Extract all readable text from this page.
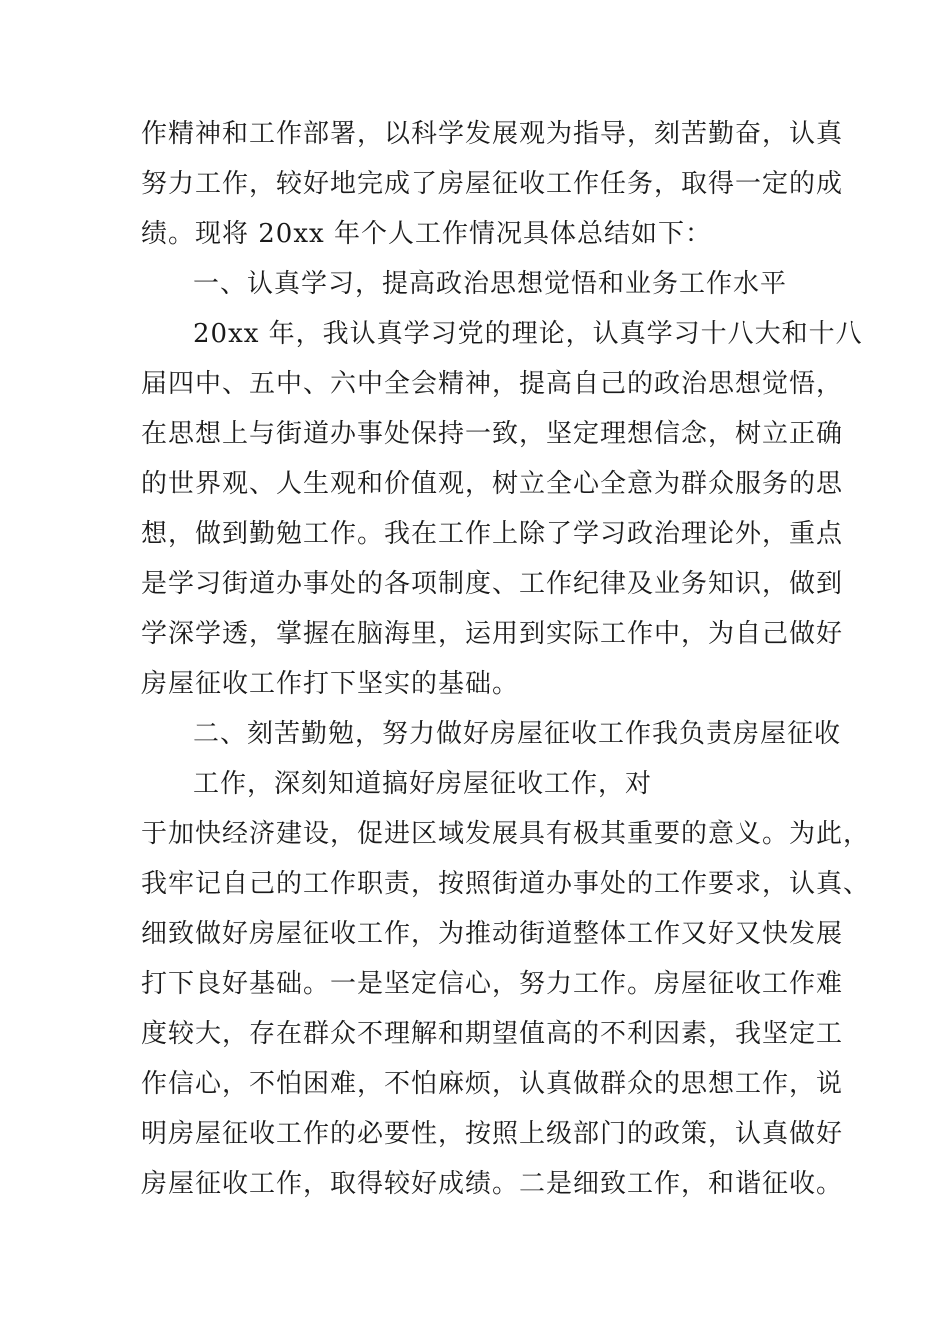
作精神和工作部署，以科学发展观为指导，刻苦勤奋，认真
努力工作，较好地完成了房屋征收工作任务，取得一定的成
绩。现将 20xx 年个人工作情况具体总结如下：
一、认真学习，提高政治思想觉悟和业务工作水平
20xx 年，我认真学习党的理论，认真学习十八大和十八
届四中、五中、六中全会精神，提高自己的政治思想觉悟，
在思想上与街道办事处保持一致，坚定理想信念，树立正确
的世界观、人生观和价值观，树立全心全意为群众服务的思
想，做到勤勉工作。我在工作上除了学习政治理论外，重点
是学习街道办事处的各项制度、工作纪律及业务知识，做到
学深学透，掌握在脑海里，运用到实际工作中，为自己做好
房屋征收工作打下坚实的基础。
二、刻苦勤勉，努力做好房屋征收工作我负责房屋征收
工作，深刻知道搞好房屋征收工作，对
于加快经济建设，促进区域发展具有极其重要的意义。为此，
我牢记自己的工作职责，按照街道办事处的工作要求，认真、
细致做好房屋征收工作，为推动街道整体工作又好又快发展
打下良好基础。一是坚定信心，努力工作。房屋征收工作难
度较大，存在群众不理解和期望值高的不利因素，我坚定工
作信心，不怕困难，不怕麻烦，认真做群众的思想工作，说
明房屋征收工作的必要性，按照上级部门的政策，认真做好
房屋征收工作，取得较好成绩。二是细致工作，和谐征收。
